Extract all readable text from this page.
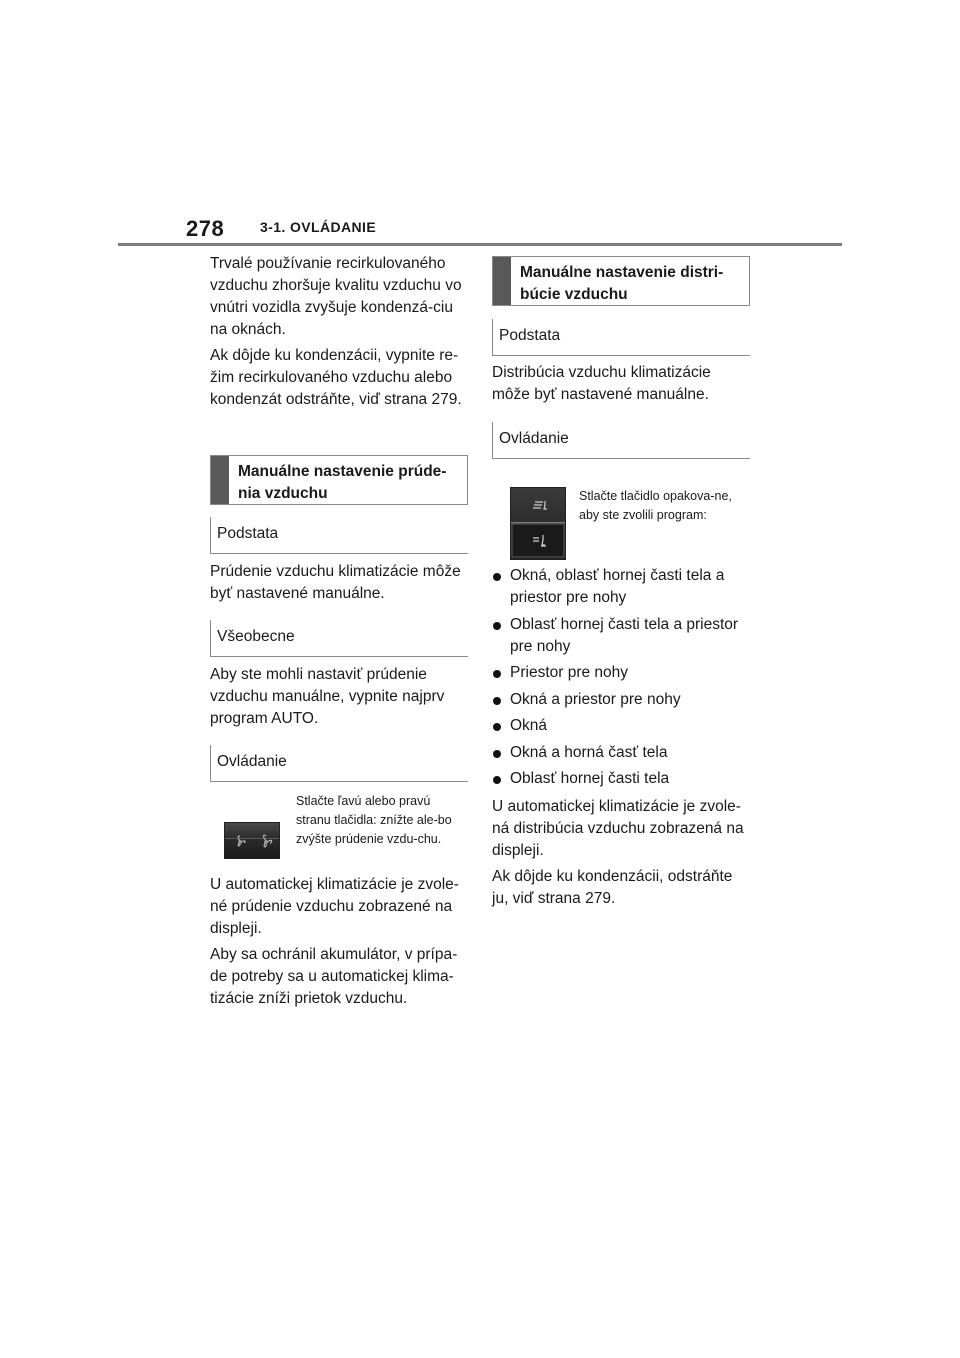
278	3-1. OVLÁDANIE

Trvalé používanie recirkulovaného vzduchu zhoršuje kvalitu vzduchu vo vnútri vozidla zvyšuje kondenzá-ciu na oknách.

Ak dôjde ku kondenzácii, vypnite re-žim recirkulovaného vzduchu alebo kondenzát odstráňte, viď strana 279.

Manuálne nastavenie prúde-nia vzduchu
Podstata

Prúdenie vzduchu klimatizácie môže byť nastavené manuálne.

Všeobecne

Aby ste mohli nastaviť prúdenie vzduchu manuálne, vypnite najprv program AUTO.

Ovládanie
Stlačte ľavú alebo pravú stranu tlačidla: znížte ale-bo zvýšte prúdenie vzdu-chu.

U automatickej klimatizácie je zvole-né prúdenie vzduchu zobrazené na displeji.

Aby sa ochránil akumulátor, v prípa-de potreby sa u automatickej klima-tizácie zníži prietok vzduchu.

Manuálne nastavenie distri-búcie vzduchu
Podstata

Distribúcia vzduchu klimatizácie môže byť nastavené manuálne.

Ovládanie
Stlačte tlačidlo opakova-ne, aby ste zvolili program:
Okná, oblasť hornej časti tela a priestor pre nohy
Oblasť hornej časti tela a priestor pre nohy
Priestor pre nohy
Okná a priestor pre nohy
Okná
Okná a horná časť tela
Oblasť hornej časti tela

U automatickej klimatizácie je zvole-ná distribúcia vzduchu zobrazená na displeji.

Ak dôjde ku kondenzácii, odstráňte ju, viď strana 279.
